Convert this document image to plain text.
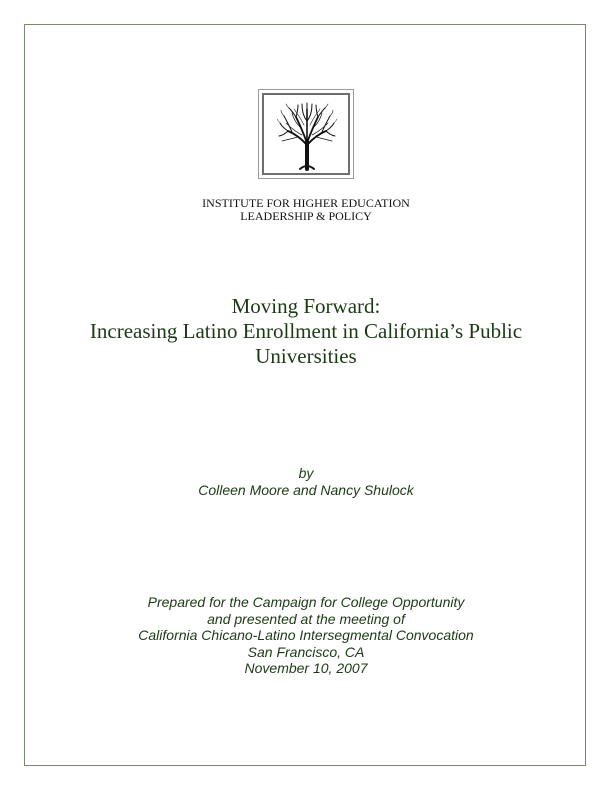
INSTITUTE FOR HIGHER EDUCATION
LEADERSHIP & POLICY
Moving Forward:
Increasing Latino Enrollment in California’s Public
Universities
by
Colleen Moore and Nancy Shulock
Prepared for the Campaign for College Opportunity
and presented at the meeting of
California Chicano-Latino Intersegmental Convocation
San Francisco, CA
November 10, 2007
